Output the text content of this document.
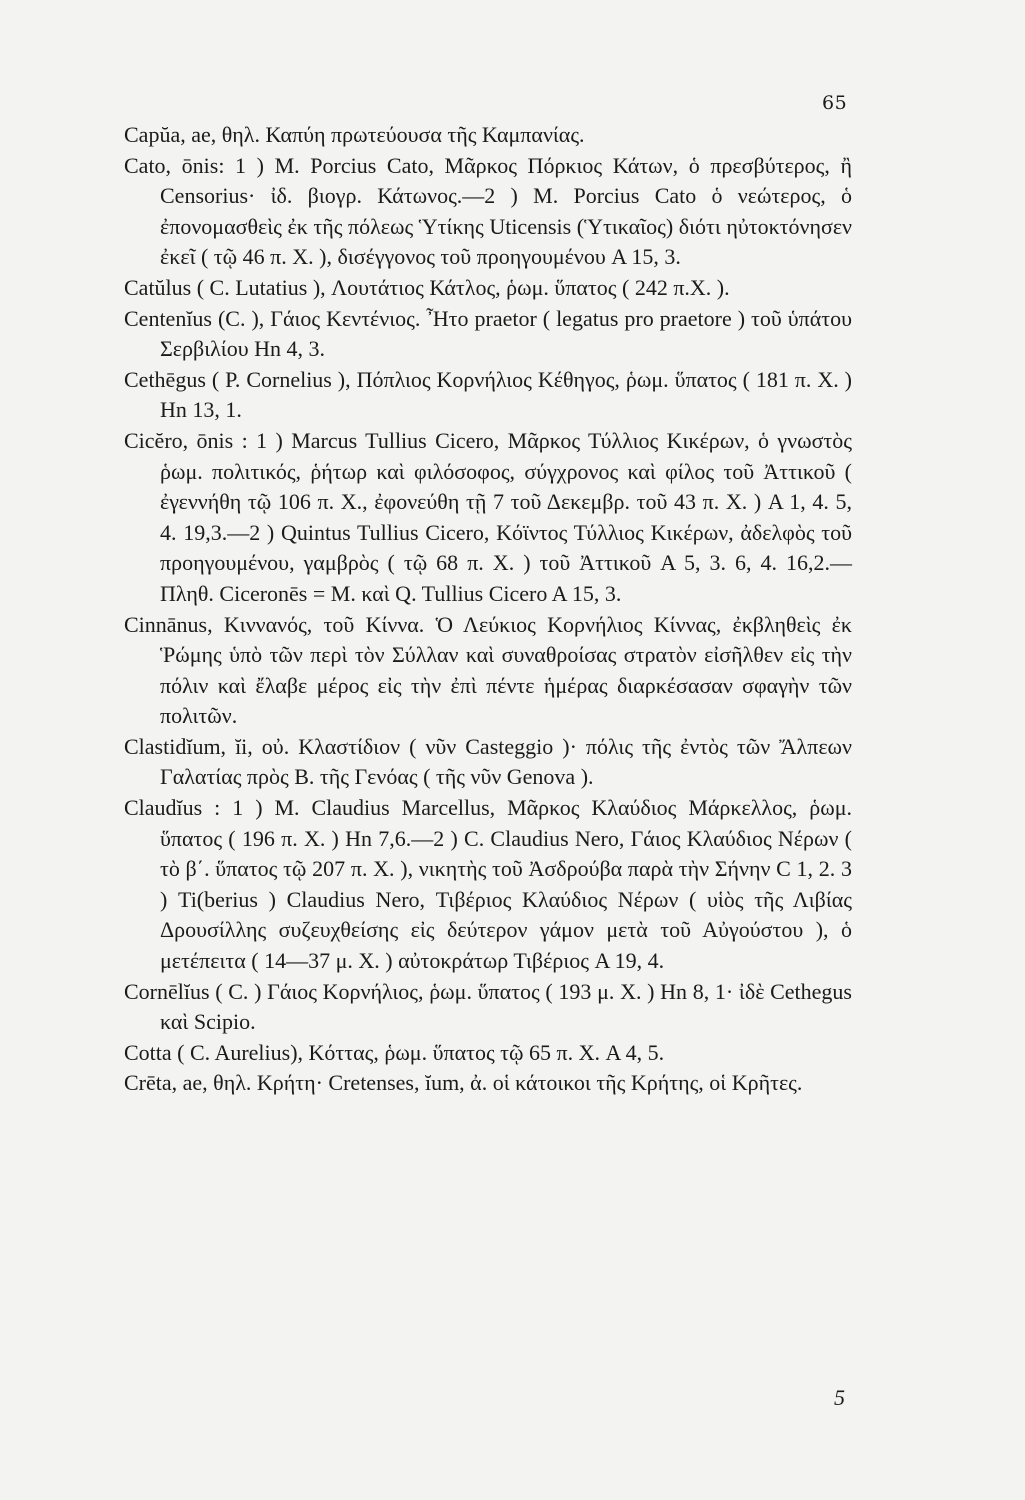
65

Capŭa, ae, θηλ. Καπύη πρωτεύουσα τῆς Καμπανίας.

Cato, ōnis: 1 ) M. Porcius Cato, Μᾶρκος Πόρκιος Κάτων, ὁ πρεσβύτερος, ἢ Censorius· ἰδ. βιογρ. Κάτωνος.—2 ) M. Porcius Cato ὁ νεώτερος, ὁ ἐπονομασθεὶς ἐκ τῆς πόλεως Ὑτίκης Uticensis (Ὑτικαῖος) διότι ηὐτοκτόνησεν ἐκεῖ ( τῷ 46 π. Χ. ), δισέγγονος τοῦ προηγουμένου A 15, 3.

Catŭlus ( C. Lutatius ), Λουτάτιος Κάτλος, ῥωμ. ὕπατος ( 242 π.Χ. ).

Centenĭus (C. ), Γάιος Κεντένιος. Ἦτο praetor ( legatus pro praetore ) τοῦ ὑπάτου Σερβιλίου Hn 4, 3.

Cethēgus ( P. Cornelius ), Πόπλιος Κορνήλιος Κέθηγος, ῥωμ. ὕπατος ( 181 π. Χ. ) Hn 13, 1.

Cicĕro, ōnis : 1 ) Marcus Tullius Cicero, Μᾶρκος Τύλλιος Κικέρων, ὁ γνωστὸς ῥωμ. πολιτικός, ῥήτωρ καὶ φιλόσοφος, σύγχρονος καὶ φίλος τοῦ Ἀττικοῦ ( ἐγεννήθη τῷ 106 π. Χ., ἐφονεύθη τῇ 7 τοῦ Δεκεμβρ. τοῦ 43 π. Χ. ) A 1, 4. 5, 4. 19,3.—2 ) Quintus Tullius Cicero, Κόϊντος Τύλλιος Κικέρων, ἀδελφὸς τοῦ προηγουμένου, γαμβρὸς ( τῷ 68 π. Χ. ) τοῦ Ἀττικοῦ A 5, 3. 6, 4. 16,2.—Πληθ. Ciceronēs = M. καὶ Q. Tullius Cicero A 15, 3.

Cinnānus, Κιννανός, τοῦ Κίννα. Ὁ Λεύκιος Κορνήλιος Κίννας, ἐκβληθεὶς ἐκ Ῥώμης ὑπὸ τῶν περὶ τὸν Σύλλαν καὶ συναθροίσας στρατὸν εἰσῆλθεν εἰς τὴν πόλιν καὶ ἔλαβε μέρος εἰς τὴν ἐπὶ πέντε ἡμέρας διαρκέσασαν σφαγὴν τῶν πολιτῶν.

Clastidĭum, ĭi, οὐ. Κλαστίδιον ( νῦν Casteggio )· πόλις τῆς ἐντὸς τῶν Ἄλπεων Γαλατίας πρὸς B. τῆς Γενόας ( τῆς νῦν Genova ).

Claudĭus : 1 ) M. Claudius Marcellus, Μᾶρκος Κλαύδιος Μάρκελλος, ῥωμ. ὕπατος ( 196 π. Χ. ) Hn 7,6.—2 ) C. Claudius Nero, Γάιος Κλαύδιος Νέρων ( τὸ β΄. ὕπατος τῷ 207 π. Χ. ), νικητὴς τοῦ Ἀσδρούβα παρὰ τὴν Σήνην C 1, 2. 3 ) Ti(berius ) Claudius Nero, Τιβέριος Κλαύδιος Νέρων ( υἱὸς τῆς Λιβίας Δρουσίλλης συζευχθείσης εἰς δεύτερον γάμον μετὰ τοῦ Αὐγούστου ), ὁ μετέπειτα ( 14—37 μ. Χ. ) αὐτοκράτωρ Τιβέριος A 19, 4.

Cornēlĭus ( C. ) Γάιος Κορνήλιος, ῥωμ. ὕπατος ( 193 μ. Χ. ) Hn 8, 1· ἰδὲ Cethegus καὶ Scipio.

Cotta ( C. Aurelius), Κόττας, ῥωμ. ὕπατος τῷ 65 π. Χ. A 4, 5.

Crēta, ae, θηλ. Κρήτη· Cretenses, ĭum, ἀ. οἱ κάτοικοι τῆς Κρήτης, οἱ Κρῆτες.

5
